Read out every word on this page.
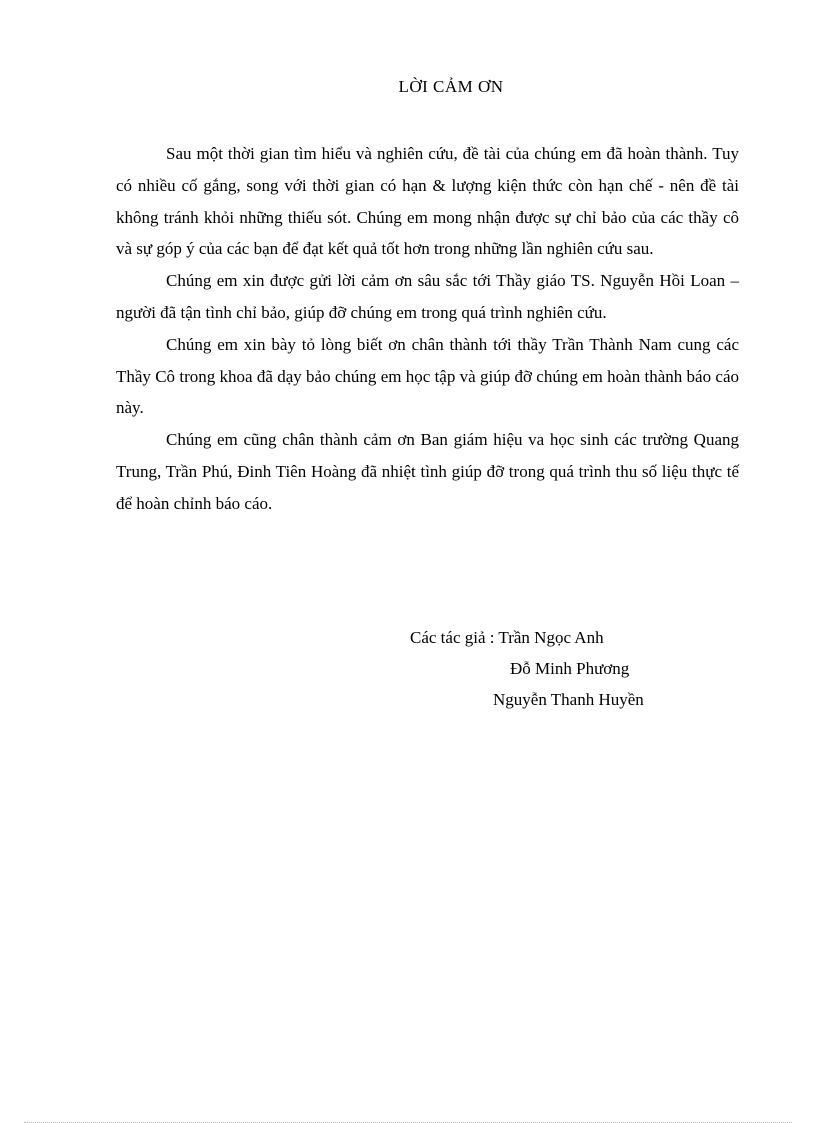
LỜI CẢM ƠN

Sau một thời gian tìm hiểu và nghiên cứu, đề tài của chúng em đã hoàn thành. Tuy có nhiều cố gắng, song với thời gian có hạn & lượng kiện thức còn hạn chế - nên đề tài không tránh khỏi những thiếu sót. Chúng em mong nhận được sự chỉ bảo của các thầy cô và sự góp ý của các bạn để đạt kết quả tốt hơn trong những lần nghiên cứu sau.

Chúng em xin được gửi lời cảm ơn sâu sắc tới Thầy giáo TS. Nguyễn Hồi Loan – người đã tận tình chỉ bảo, giúp đỡ chúng em trong quá trình nghiên cứu.

Chúng em xin bày tỏ lòng biết ơn chân thành tới thầy Trần Thành Nam cung các Thầy Cô trong khoa đã dạy bảo chúng em học tập và giúp đỡ chúng em hoàn thành báo cáo này.

Chúng em cũng chân thành cảm ơn Ban giám hiệu va học sinh các trường Quang Trung, Trần Phú, Đinh Tiên Hoàng đã nhiệt tình giúp đỡ trong quá trình thu số liệu thực tế để hoàn chỉnh báo cáo.

Các tác giả : Trần Ngọc Anh
Đỗ Minh Phương
Nguyễn Thanh Huyền
